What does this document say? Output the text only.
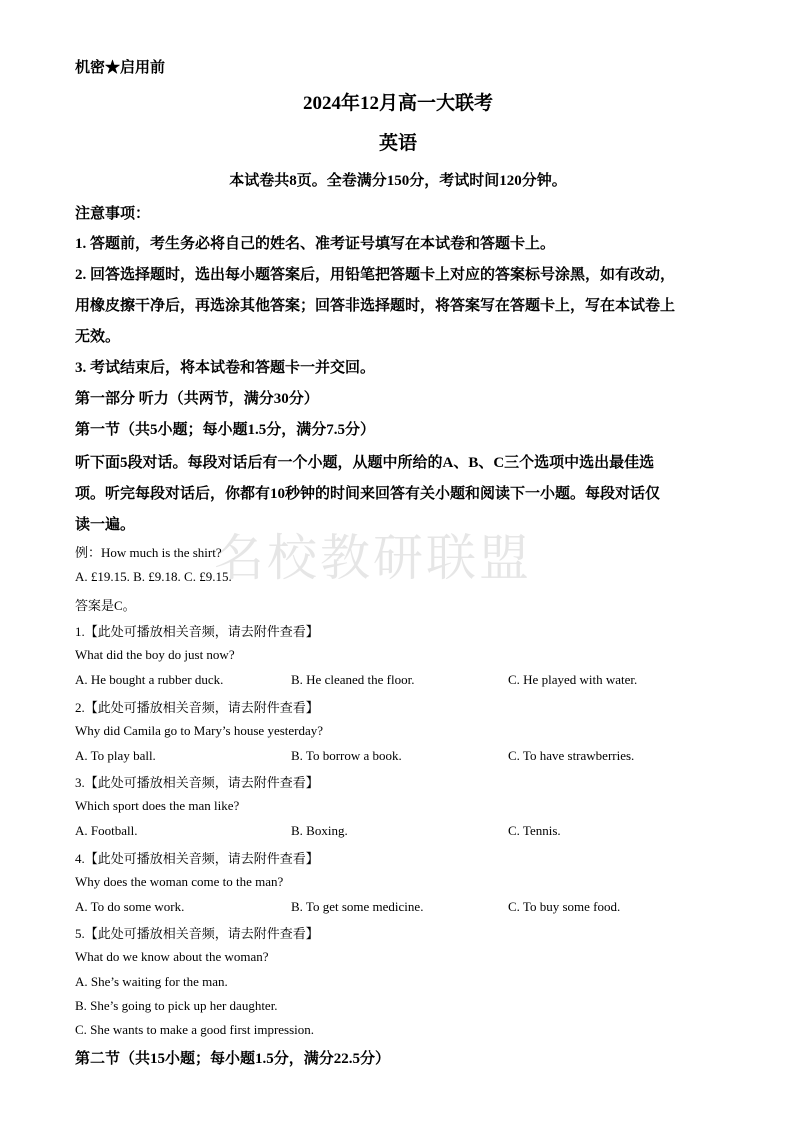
名校教研联盟
机密★启用前
2024年12月高一大联考
英语
本试卷共8页。全卷满分150分，考试时间120分钟。
注意事项：
1. 答题前，考生务必将自己的姓名、准考证号填写在本试卷和答题卡上。
2. 回答选择题时，选出每小题答案后，用铅笔把答题卡上对应的答案标号涂黑，如有改动，
用橡皮擦干净后，再选涂其他答案；回答非选择题时，将答案写在答题卡上，写在本试卷上
无效。
3. 考试结束后，将本试卷和答题卡一并交回。
第一部分 听力（共两节，满分30分）
第一节（共5小题；每小题1.5分，满分7.5分）
听下面5段对话。每段对话后有一个小题，从题中所给的A、B、C三个选项中选出最佳选
项。听完每段对话后，你都有10秒钟的时间来回答有关小题和阅读下一小题。每段对话仅
读一遍。
例：How much is the shirt?
A. £19.15. B. £9.18. C. £9.15.
答案是C。
1.【此处可播放相关音频，请去附件查看】
What did the boy do just now?
A. He bought a rubber duck.	B. He cleaned the floor.	C. He played with water.
2.【此处可播放相关音频，请去附件查看】
Why did Camila go to Mary’s house yesterday?
A. To play ball.	B. To borrow a book.	C. To have strawberries.
3.【此处可播放相关音频，请去附件查看】
Which sport does the man like?
A. Football.	B. Boxing.	C. Tennis.
4.【此处可播放相关音频，请去附件查看】
Why does the woman come to the man?
A. To do some work.	B. To get some medicine.	C. To buy some food.
5.【此处可播放相关音频，请去附件查看】
What do we know about the woman?
A. She’s waiting for the man.
B. She’s going to pick up her daughter.
C. She wants to make a good first impression.
第二节（共15小题；每小题1.5分，满分22.5分）
